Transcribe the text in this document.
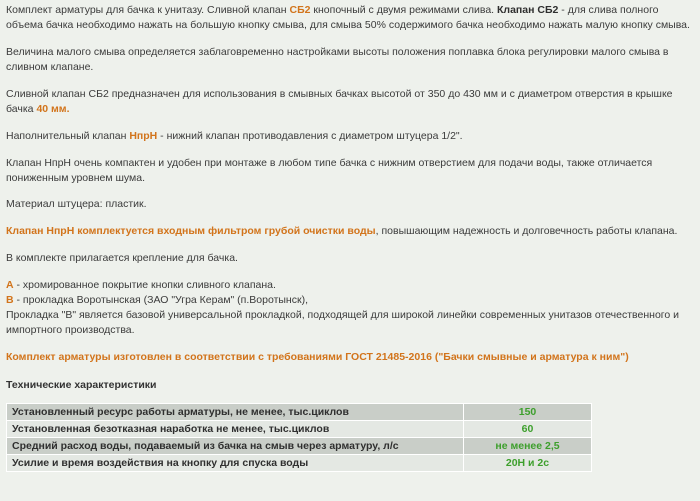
Комплект арматуры для бачка к унитазу. Сливной клапан СБ2 кнопочный с двумя режимами слива. Клапан СБ2 - для слива полного объема бачка необходимо нажать на большую кнопку смыва, для смыва 50% содержимого бачка необходимо нажать малую кнопку смыва.

Величина малого смыва определяется заблаговременно настройками высоты положения поплавка блока регулировки малого смыва в сливном клапане.

Сливной клапан СБ2 предназначен для использования в смывных бачках высотой от 350 до 430 мм и с диаметром отверстия в крышке бачка 40 мм.

Наполнительный клапан НпрН - нижний клапан противодавления с диаметром штуцера 1/2".

Клапан НпрН очень компактен и удобен при монтаже в любом типе бачка с нижним отверстием для подачи воды, также отличается пониженным уровнем шума.

Материал штуцера: пластик.

Клапан НпрН комплектуется входным фильтром грубой очистки воды, повышающим надежность и долговечность работы клапана.

В комплекте прилагается крепление для бачка.

А - хромированное покрытие кнопки сливного клапана.
В - прокладка Воротынская (ЗАО "Угра Керам" (п.Воротынск),
Прокладка "В" является базовой универсальной прокладкой, подходящей для широкой линейки современных унитазов отечественного и импортного производства.

Комплект арматуры изготовлен в соответствии с требованиями ГОСТ 21485-2016 ("Бачки смывные и арматура к ним")

Технические характеристики

Установленный ресурс работы арматуры, не менее, тыс.циклов	150
Установленная безотказная наработка не менее, тыс.циклов	60
Средний расход воды, подаваемый из бачка на смыв через арматуру, л/с	не менее 2,5
Усилие и время воздействия на кнопку для спуска воды	20Н и 2с
